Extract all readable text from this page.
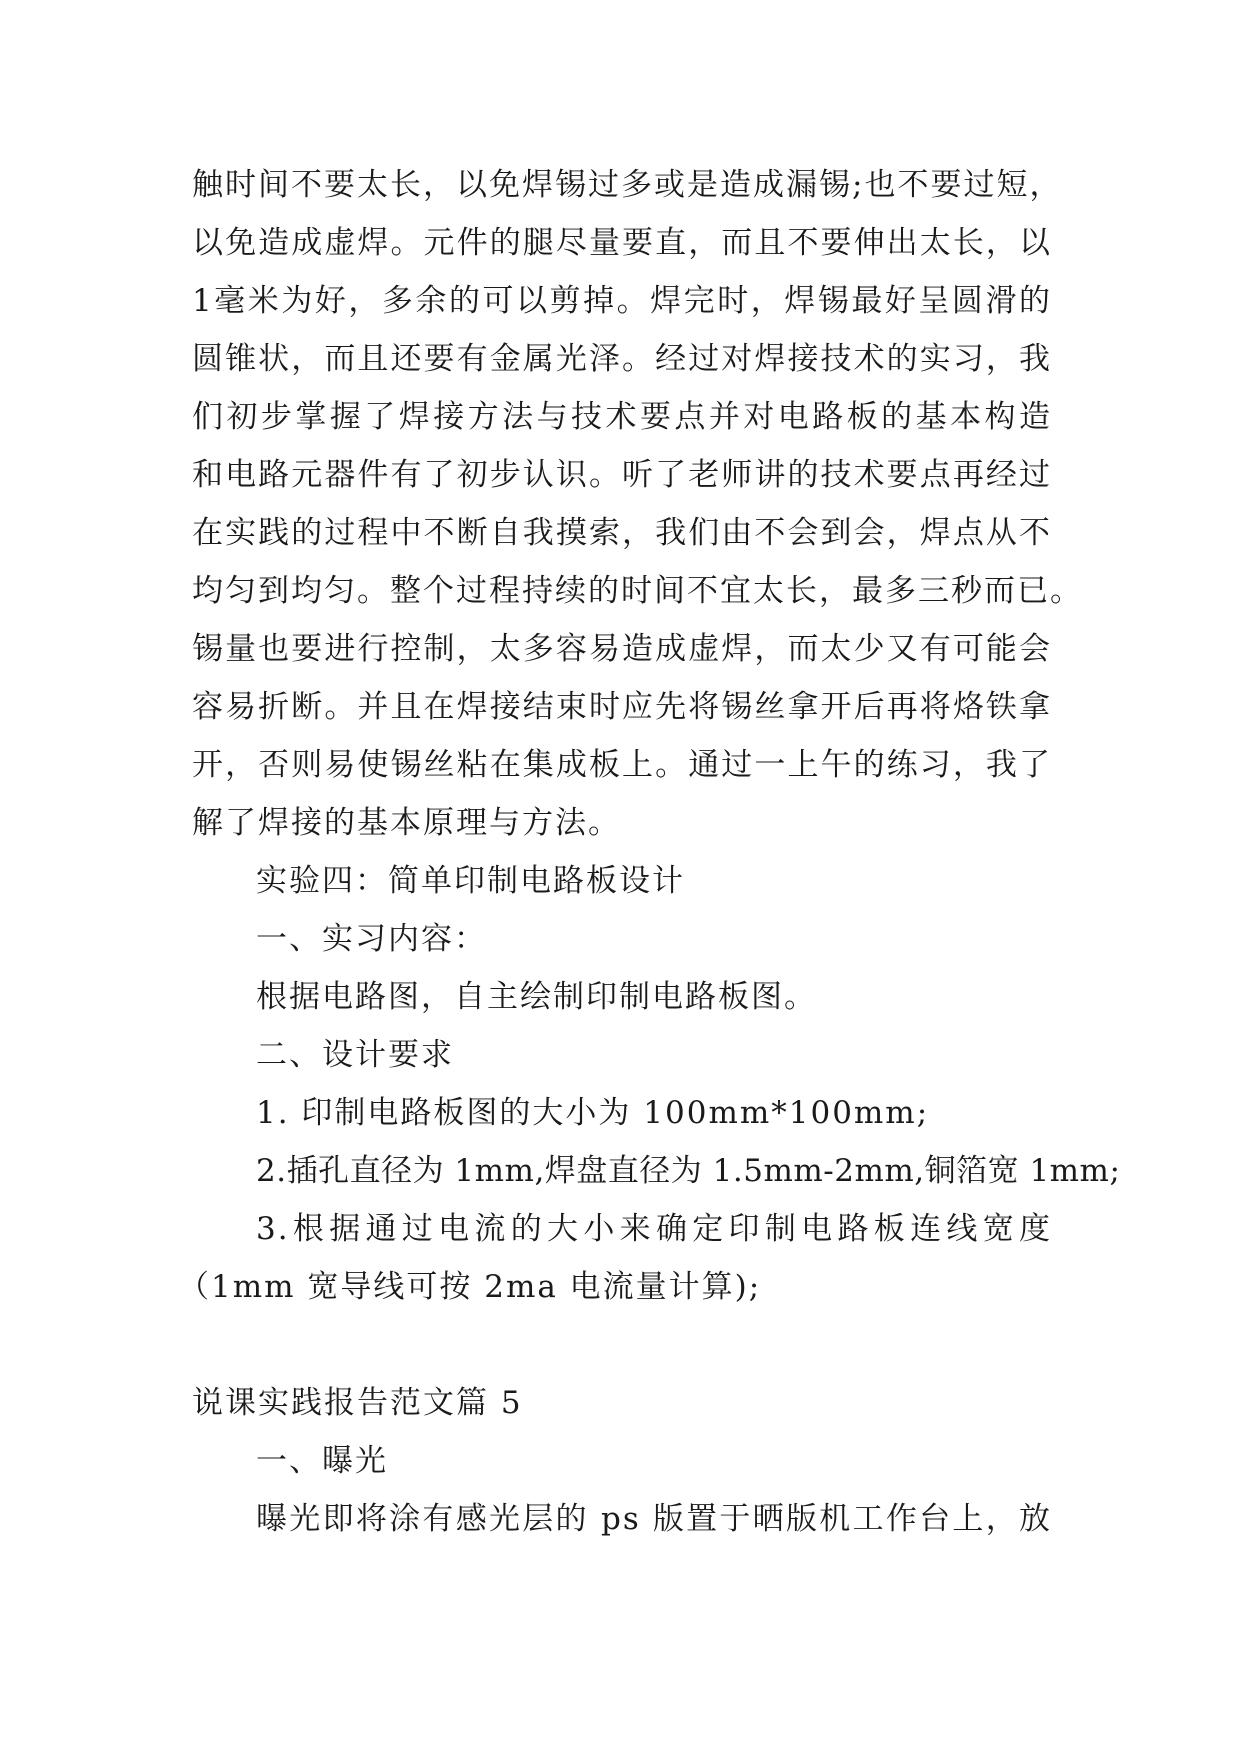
触时间不要太长，以免焊锡过多或是造成漏锡;也不要过短，
以免造成虚焊。元件的腿尽量要直，而且不要伸出太长，以
1毫米为好，多余的可以剪掉。焊完时，焊锡最好呈圆滑的
圆锥状，而且还要有金属光泽。经过对焊接技术的实习，我
们初步掌握了焊接方法与技术要点并对电路板的基本构造
和电路元器件有了初步认识。听了老师讲的技术要点再经过
在实践的过程中不断自我摸索，我们由不会到会，焊点从不
均匀到均匀。整个过程持续的时间不宜太长，最多三秒而已。
锡量也要进行控制，太多容易造成虚焊，而太少又有可能会
容易折断。并且在焊接结束时应先将锡丝拿开后再将烙铁拿
开，否则易使锡丝粘在集成板上。通过一上午的练习，我了
解了焊接的基本原理与方法。
实验四：简单印制电路板设计
一、实习内容：
根据电路图，自主绘制印制电路板图。
二、设计要求
1. 印制电路板图的大小为 100mm*100mm;
2.插孔直径为 1mm,焊盘直径为 1.5mm-2mm,铜箔宽 1mm;
3.根据通过电流的大小来确定印制电路板连线宽度
（1mm 宽导线可按 2ma 电流量计算);
说课实践报告范文篇 5
一、曝光
曝光即将涂有感光层的 ps 版置于晒版机工作台上，放
